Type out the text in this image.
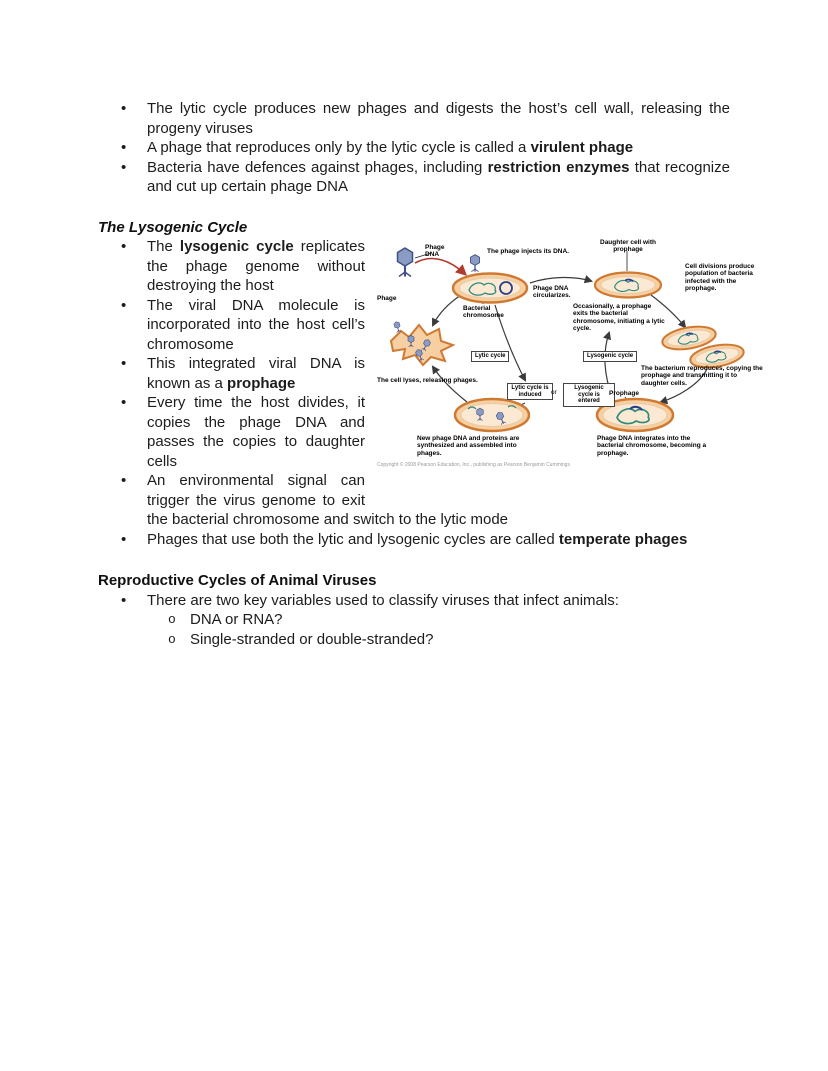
• The lytic cycle produces new phages and digests the host’s cell wall, releasing the progeny viruses
• A phage that reproduces only by the lytic cycle is called a virulent phage
• Bacteria have defences against phages, including restriction enzymes that recognize and cut up certain phage DNA
The Lysogenic Cycle
Phage DNA	The phage injects its DNA.
Daughter cell with prophage
Cell divisions produce population of bacteria infected with the prophage.
Phage
Bacterial chromosome
Phage DNA circularizes.
Occasionally, a prophage exits the bacterial chromosome, initiating a lytic cycle.
Lytic cycle	Lysogenic cycle
The cell lyses, releasing phages.
The bacterium reproduces, copying the prophage and transmitting it to daughter cells.
Lytic cycle is induced	or
Lysogenic cycle is entered
Prophage
New phage DNA and proteins are synthesized and assembled into phages.
Phage DNA integrates into the bacterial chromosome, becoming a prophage.
Copyright © 2008 Pearson Education, Inc., publishing as Pearson Benjamin Cummings
• The lysogenic cycle replicates the phage genome without destroying the host
• The viral DNA molecule is incorporated into the host cell’s chromosome
• This integrated viral DNA is known as a prophage
• Every time the host divides, it copies the phage DNA and passes the copies to daughter cells
• An environmental signal can trigger the virus genome to exit the bacterial chromosome and switch to the lytic mode
• Phages that use both the lytic and lysogenic cycles are called temperate phages
Reproductive Cycles of Animal Viruses
• There are two key variables used to classify viruses that infect animals:
o DNA or RNA?
o Single-stranded or double-stranded?
